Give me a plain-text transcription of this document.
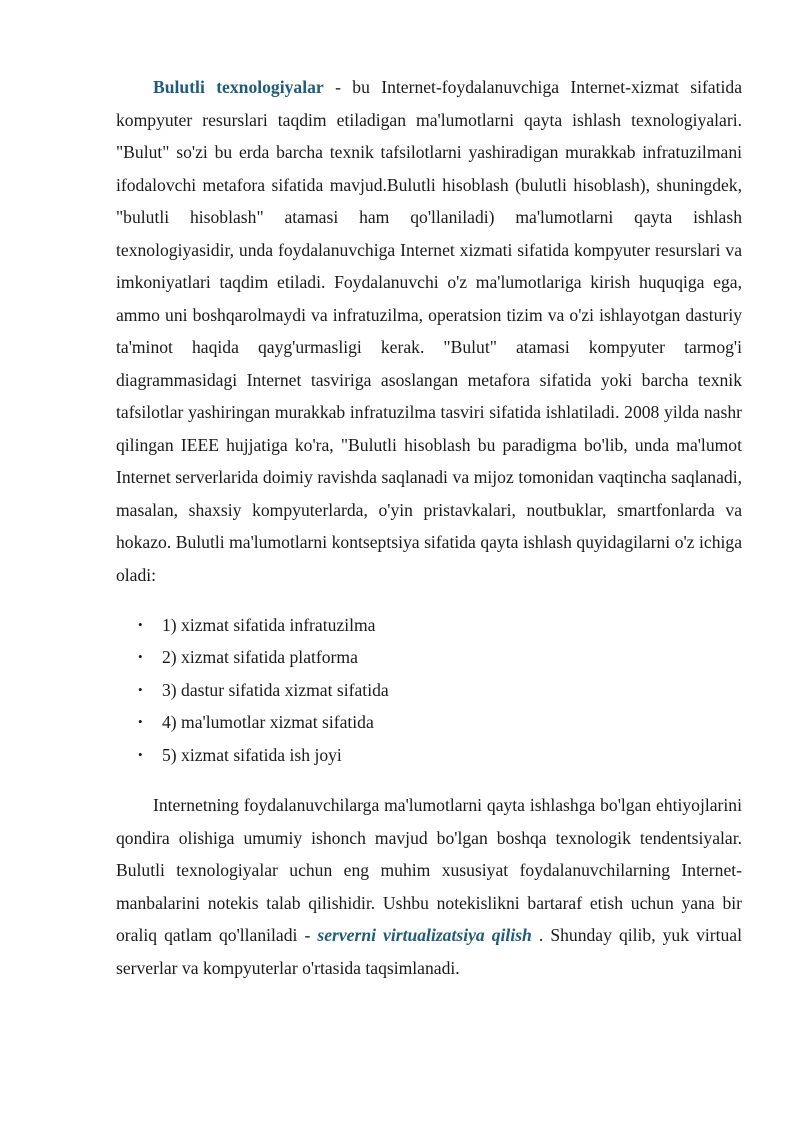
Bulutli texnologiyalar - bu Internet-foydalanuvchiga Internet-xizmat sifatida kompyuter resurslari taqdim etiladigan ma'lumotlarni qayta ishlash texnologiyalari. "Bulut" so'zi bu erda barcha texnik tafsilotlarni yashiradigan murakkab infratuzilmani ifodalovchi metafora sifatida mavjud.Bulutli hisoblash (bulutli hisoblash), shuningdek, "bulutli hisoblash" atamasi ham qo'llaniladi) ma'lumotlarni qayta ishlash texnologiyasidir, unda foydalanuvchiga Internet xizmati sifatida kompyuter resurslari va imkoniyatlari taqdim etiladi. Foydalanuvchi o'z ma'lumotlariga kirish huquqiga ega, ammo uni boshqarolmaydi va infratuzilma, operatsion tizim va o'zi ishlayotgan dasturiy ta'minot haqida qayg'urmasligi kerak. "Bulut" atamasi kompyuter tarmog'i diagrammasidagi Internet tasviriga asoslangan metafora sifatida yoki barcha texnik tafsilotlar yashiringan murakkab infratuzilma tasviri sifatida ishlatiladi. 2008 yilda nashr qilingan IEEE hujjatiga ko'ra, "Bulutli hisoblash bu paradigma bo'lib, unda ma'lumot Internet serverlarida doimiy ravishda saqlanadi va mijoz tomonidan vaqtincha saqlanadi, masalan, shaxsiy kompyuterlarda, o'yin pristavkalari, noutbuklar, smartfonlarda va hokazo. Bulutli ma'lumotlarni kontseptsiya sifatida qayta ishlash quyidagilarni o'z ichiga oladi:

• 1) xizmat sifatida infratuzilma
• 2) xizmat sifatida platforma
• 3) dastur sifatida xizmat sifatida
• 4) ma'lumotlar xizmat sifatida
• 5) xizmat sifatida ish joyi

Internetning foydalanuvchilarga ma'lumotlarni qayta ishlashga bo'lgan ehtiyojlarini qondira olishiga umumiy ishonch mavjud bo'lgan boshqa texnologik tendentsiyalar. Bulutli texnologiyalar uchun eng muhim xususiyat foydalanuvchilarning Internet-manbalarini notekis talab qilishidir. Ushbu notekislikni bartaraf etish uchun yana bir oraliq qatlam qo'llaniladi - serverni virtualizatsiya qilish . Shunday qilib, yuk virtual serverlar va kompyuterlar o'rtasida taqsimlanadi.
